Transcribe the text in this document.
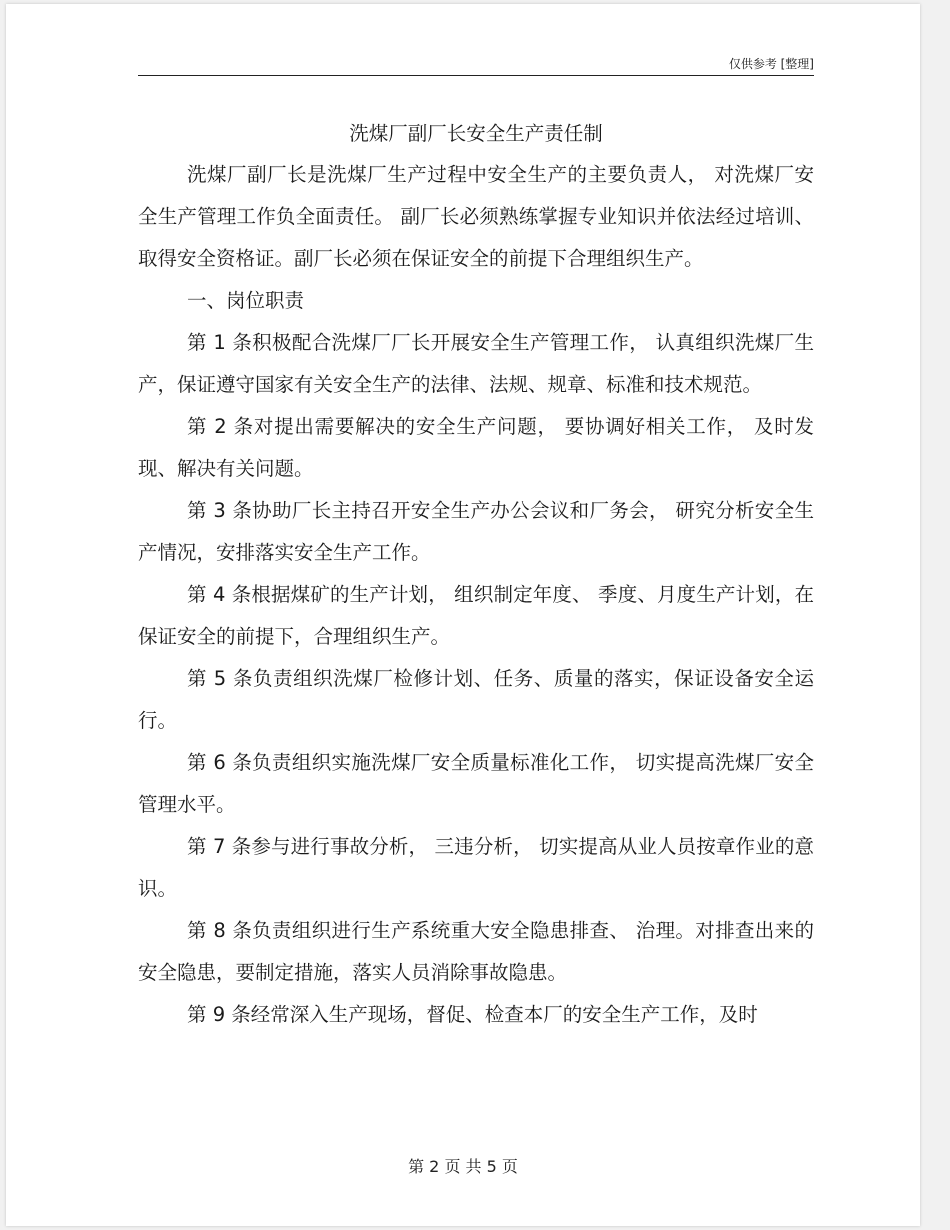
仅供参考 [整理]
洗煤厂副厂长安全生产责任制

洗煤厂副厂长是洗煤厂生产过程中安全生产的主要负责人， 对洗煤厂安全生产管理工作负全面责任。 副厂长必须熟练掌握专业知识并依法经过培训、取得安全资格证。副厂长必须在保证安全的前提下合理组织生产。

一、岗位职责

第 1 条积极配合洗煤厂厂长开展安全生产管理工作， 认真组织洗煤厂生产，保证遵守国家有关安全生产的法律、法规、规章、标准和技术规范。

第 2 条对提出需要解决的安全生产问题， 要协调好相关工作， 及时发现、解决有关问题。

第 3 条协助厂长主持召开安全生产办公会议和厂务会， 研究分析安全生产情况，安排落实安全生产工作。

第 4 条根据煤矿的生产计划， 组织制定年度、 季度、月度生产计划，在保证安全的前提下，合理组织生产。

第 5 条负责组织洗煤厂检修计划、任务、质量的落实，保证设备安全运行。

第 6 条负责组织实施洗煤厂安全质量标准化工作， 切实提高洗煤厂安全管理水平。

第 7 条参与进行事故分析， 三违分析， 切实提高从业人员按章作业的意识。

第 8 条负责组织进行生产系统重大安全隐患排查、 治理。对排查出来的安全隐患，要制定措施，落实人员消除事故隐患。

第 9 条经常深入生产现场，督促、检查本厂的安全生产工作，及时

第 2 页 共 5 页
